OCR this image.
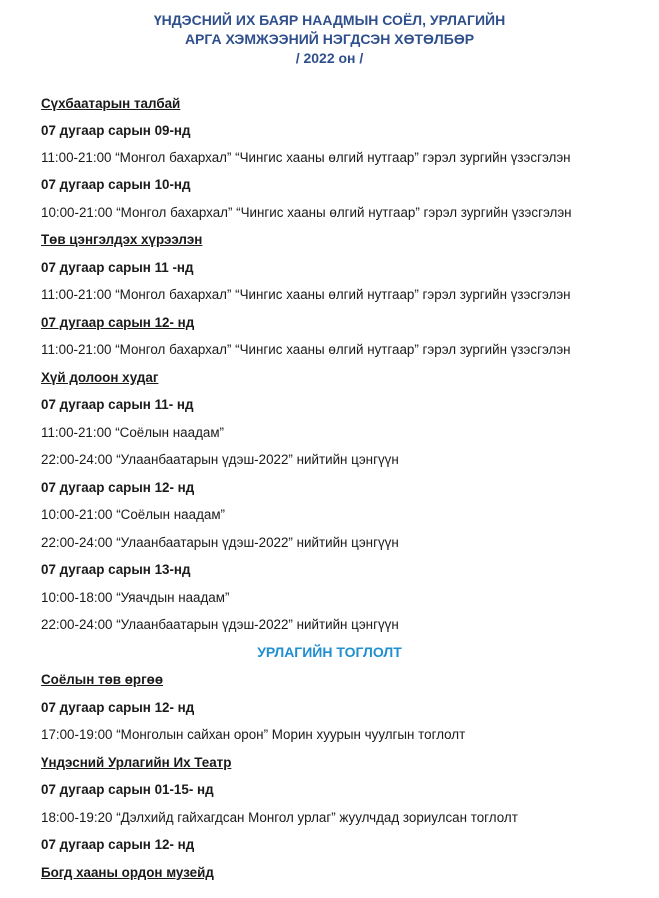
ҮНДЭСНИЙ ИХ БАЯР НААДМЫН СОЁЛ, УРЛАГИЙН
АРГА ХЭМЖЭЭНИЙ НЭГДСЭН ХӨТӨЛБӨР
/ 2022 он /
Сүхбаатарын талбай
07 дугаар сарын 09-нд
11:00-21:00 “Монгол бахархал” “Чингис хааны өлгий нутгаар” гэрэл зургийн үзэсгэлэн
07 дугаар сарын 10-нд
10:00-21:00 “Монгол бахархал” “Чингис хааны өлгий нутгаар” гэрэл зургийн үзэсгэлэн
Төв цэнгэлдэх хүрээлэн
07 дугаар сарын 11 -нд
11:00-21:00 “Монгол бахархал” “Чингис хааны өлгий нутгаар” гэрэл зургийн үзэсгэлэн
07 дугаар сарын 12- нд
11:00-21:00 “Монгол бахархал” “Чингис хааны өлгий нутгаар” гэрэл зургийн үзэсгэлэн
Хүй долоон худаг
07 дугаар сарын 11- нд
11:00-21:00 “Соёлын наадам”
22:00-24:00 “Улаанбаатарын үдэш-2022” нийтийн цэнгүүн
07 дугаар сарын 12- нд
10:00-21:00 “Соёлын наадам”
22:00-24:00 “Улаанбаатарын үдэш-2022” нийтийн цэнгүүн
07 дугаар сарын 13-нд
10:00-18:00 “Уяачдын наадам”
22:00-24:00 “Улаанбаатарын үдэш-2022” нийтийн цэнгүүн
УРЛАГИЙН ТОГЛОЛТ
Соёлын төв өргөө
07 дугаар сарын 12- нд
17:00-19:00 “Монголын сайхан орон” Морин хуурын чуулгын тоглолт
Үндэсний Урлагийн Их Театр
07 дугаар сарын 01-15- нд
18:00-19:20 “Дэлхийд гайхагдсан Монгол урлаг” жуулчдад зориулсан тоглолт
07 дугаар сарын 12- нд
Богд хааны ордон музейд
